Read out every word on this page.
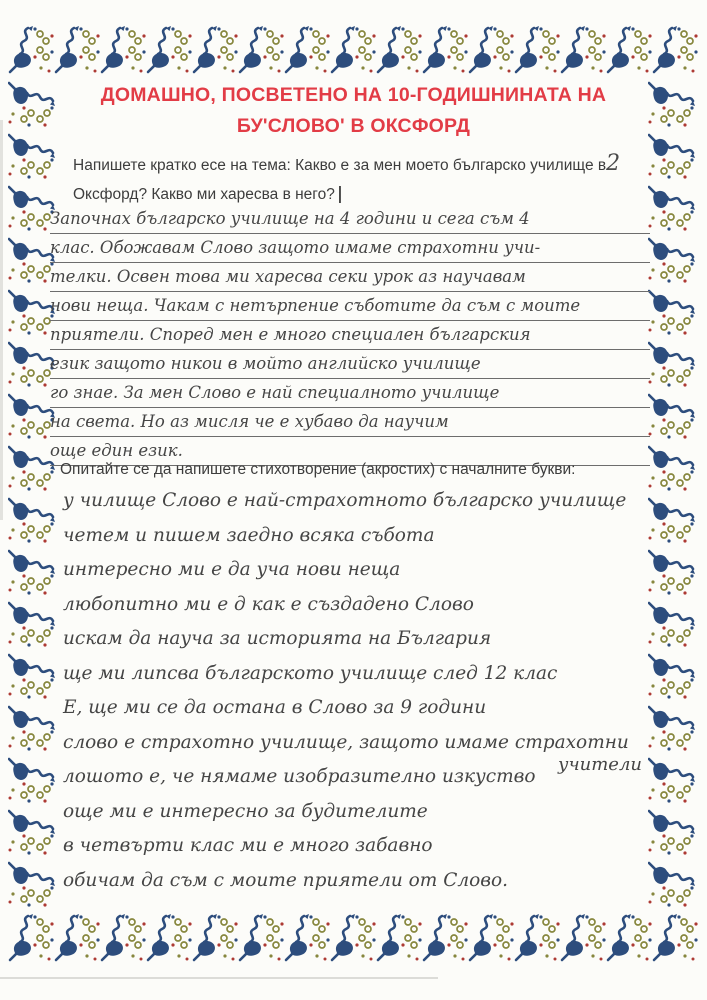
ДОМАШНО, ПОСВЕТЕНО НА 10-ГОДИШНИНАТА НА
БУ'СЛОВО' В ОКСФОРД
Напишете кратко есе на тема: Какво е за мен моето българско училище в2
Оксфорд? Какво ми харесва в него? |
Започнах българско училище на 4 години и сега съм 4
клас. Обожавам Слово защото имаме страхотни учи-
телки. Освен това ми харесва секи урок аз научавам
нови неща. Чакам с нетърпение съботите да съм с моите
приятели. Според мен е много специален българския
език защото никои в мойто английско училище
го знае. За мен Слово е най специалното училище
на света. Но аз мисля че е хубаво да научим
още един език.
Опитайте се да напишете стихотворение (акростих) с началните букви:
у чилище Слово е най-страхотното българско училище
четем и пишем заедно всяка събота
интересно ми е да уча нови неща
любопитно ми е д как е създадено Слово
искам да науча за историята на България
ще ми липсва българското училище след 12 клас
Е, ще ми се да остана в Слово за 9 години
слово е страхотно училище, защото имаме страхотни
лошото е, че нямаме изобразително изкуство
още ми е интересно за будителите
в четвърти клас ми е много забавно
обичам да съм с моите приятели от Слово.
учители
